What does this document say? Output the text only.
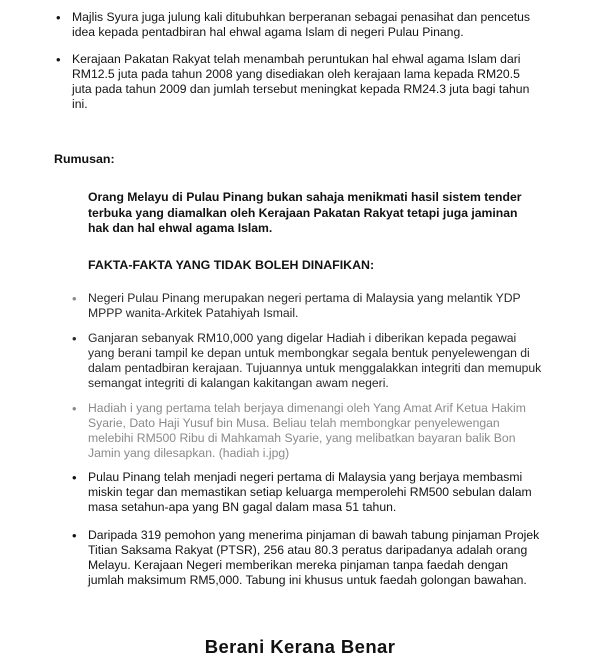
• Majlis Syura juga julung kali ditubuhkan berperanan sebagai penasihat dan pencetus idea kepada pentadbiran hal ehwal agama Islam di negeri Pulau Pinang.
• Kerajaan Pakatan Rakyat telah menambah peruntukan hal ehwal agama Islam dari RM12.5 juta pada tahun 2008 yang disediakan oleh kerajaan lama kepada RM20.5 juta pada tahun 2009 dan jumlah tersebut meningkat kepada RM24.3 juta bagi tahun ini.
Rumusan:
Orang Melayu di Pulau Pinang bukan sahaja menikmati hasil sistem tender terbuka yang diamalkan oleh Kerajaan Pakatan Rakyat tetapi juga jaminan hak dan hal ehwal agama Islam.
FAKTA-FAKTA YANG TIDAK BOLEH DINAFIKAN:
• Negeri Pulau Pinang merupakan negeri pertama di Malaysia yang melantik YDP MPPP wanita-Arkitek Patahiyah Ismail.
• Ganjaran sebanyak RM10,000 yang digelar Hadiah i diberikan kepada pegawai yang berani tampil ke depan untuk membongkar segala bentuk penyelewengan di dalam pentadbiran kerajaan. Tujuannya untuk menggalakkan integriti dan memupuk semangat integriti di kalangan kakitangan awam negeri.
• Hadiah i yang pertama telah berjaya dimenangi oleh Yang Amat Arif Ketua Hakim Syarie, Dato Haji Yusuf bin Musa. Beliau telah membongkar penyelewengan melebihi RM500 Ribu di Mahkamah Syarie, yang melibatkan bayaran balik Bon Jamin yang dilesapkan. (hadiah i.jpg)
• Pulau Pinang telah menjadi negeri pertama di Malaysia yang berjaya membasmi miskin tegar dan memastikan setiap keluarga memperolehi RM500 sebulan dalam masa setahun-apa yang BN gagal dalam masa 51 tahun.
• Daripada 319 pemohon yang menerima pinjaman di bawah tabung pinjaman Projek Titian Saksama Rakyat (PTSR), 256 atau 80.3 peratus daripadanya adalah orang Melayu. Kerajaan Negeri memberikan mereka pinjaman tanpa faedah dengan jumlah maksimum RM5,000. Tabung ini khusus untuk faedah golongan bawahan.
Berani Kerana Benar
